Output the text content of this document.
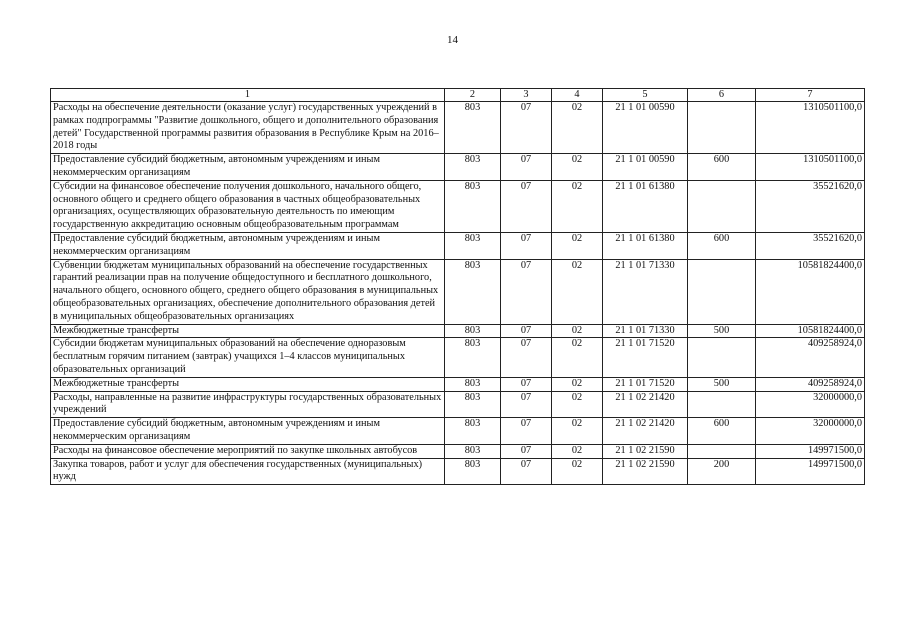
14
1	2	3	4	5	6	7
Расходы на обеспечение деятельности (оказание услуг) государственных учреждений в рамках подпрограммы "Развитие дошкольного, общего и дополнительного образования детей" Государственной программы развития образования в Республике Крым на 2016–2018 годы	803	07	02	21 1 01 00590		1310501100,0
Предоставление субсидий бюджетным, автономным учреждениям и иным некоммерческим организациям	803	07	02	21 1 01 00590	600	1310501100,0
Субсидии на финансовое обеспечение получения дошкольного, начального общего, основного общего и среднего общего образования в частных общеобразовательных организациях, осуществляющих образовательную деятельность по имеющим государственную аккредитацию основным общеобразовательным программам	803	07	02	21 1 01 61380		35521620,0
Предоставление субсидий бюджетным, автономным учреждениям и иным некоммерческим организациям	803	07	02	21 1 01 61380	600	35521620,0
Субвенции бюджетам муниципальных образований на обеспечение государственных гарантий реализации прав на получение общедоступного и бесплатного дошкольного, начального общего, основного общего, среднего общего образования в муниципальных общеобразовательных организациях, обеспечение дополнительного образования детей в муниципальных общеобразовательных организациях	803	07	02	21 1 01 71330		10581824400,0
Межбюджетные трансферты	803	07	02	21 1 01 71330	500	10581824400,0
Субсидии бюджетам муниципальных образований на обеспечение одноразовым бесплатным горячим питанием (завтрак) учащихся 1–4 классов муниципальных образовательных организаций	803	07	02	21 1 01 71520		409258924,0
Межбюджетные трансферты	803	07	02	21 1 01 71520	500	409258924,0
Расходы, направленные на развитие инфраструктуры государственных образовательных учреждений	803	07	02	21 1 02 21420		32000000,0
Предоставление субсидий бюджетным, автономным учреждениям и иным некоммерческим организациям	803	07	02	21 1 02 21420	600	32000000,0
Расходы на финансовое обеспечение мероприятий по закупке школьных автобусов	803	07	02	21 1 02 21590		149971500,0
Закупка товаров, работ и услуг для обеспечения государственных (муниципальных) нужд	803	07	02	21 1 02 21590	200	149971500,0
